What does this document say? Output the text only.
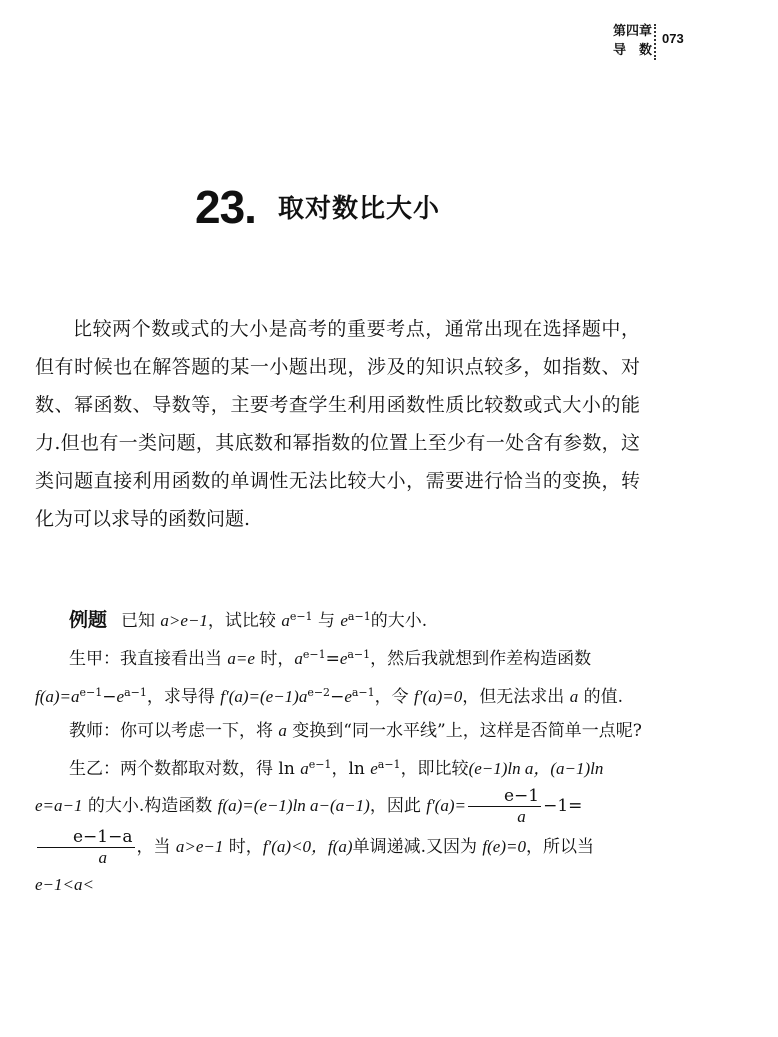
第四章
导　数
073
23. 取对数比大小

比较两个数或式的大小是高考的重要考点，通常出现在选择题中，但有时候也在解答题的某一小题出现，涉及的知识点较多，如指数、对数、幂函数、导数等，主要考查学生利用函数性质比较数或式大小的能力.但也有一类问题，其底数和幂指数的位置上至少有一处含有参数，这类问题直接利用函数的单调性无法比较大小，需要进行恰当的变换，转化为可以求导的函数问题.

例题 已知 a>e−1，试比较 $a^{e-1}$ 与 $e^{a-1}$的大小.

生甲：我直接看出当 a=e 时，$a^{e-1}=e^{a-1}$，然后我就想到作差构造函数 $f(a)=a^{e-1}-e^{a-1}$，求导得 $f'(a)=(e-1)a^{e-2}-e^{a-1}$，令 f′(a)=0，但无法求出 a 的值.

教师：你可以考虑一下，将 a 变换到“同一水平线”上，这样是否简单一点呢?

生乙：两个数都取对数，得 $\ln a^{e-1}$，$\ln e^{a-1}$，即比较(e−1)ln a，(a−1)ln e=a−1 的大小.构造函数 f(a)=(e−1)ln a−(a−1)，因此 $f'(a)= \frac{e-1}{a} -1=$
$\frac{e-1-a}{a}$ ，当 a>e−1 时，f′(a)<0，f(a)单调递减.又因为 f(e)=0，所以当 e−1<a<
